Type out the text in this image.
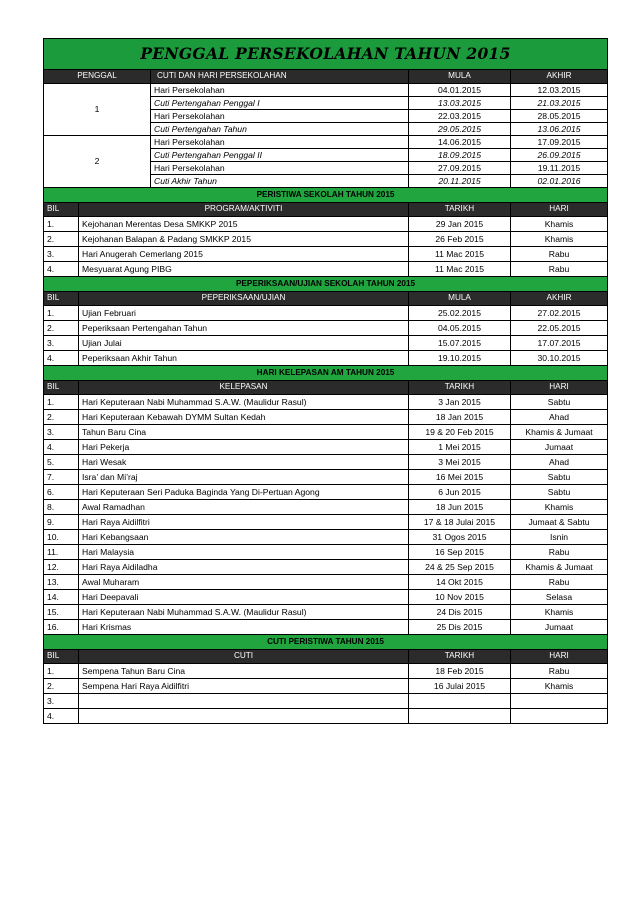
PENGGAL PERSEKOLAHAN TAHUN 2015				
PENGGAL		CUTI DAN HARI PERSEKOLAHAN	MULA	AKHIR
1		Hari Persekolahan	04.01.2015	12.03.2015
		Cuti Pertengahan Penggal I	13.03.2015	21.03.2015
		Hari Persekolahan	22.03.2015	28.05.2015
		Cuti Pertengahan Tahun	29.05.2015	13.06.2015
2		Hari Persekolahan	14.06.2015	17.09.2015
		Cuti Pertengahan Penggal II	18.09.2015	26.09.2015
		Hari Persekolahan	27.09.2015	19.11.2015
		Cuti Akhir Tahun	20.11.2015	02.01.2016
PERISTIWA SEKOLAH TAHUN 2015				
BIL	PROGRAM/AKTIVITI		TARIKH	HARI
1.	Kejohanan Merentas Desa SMKKP 2015		29 Jan 2015	Khamis
2.	Kejohanan Balapan & Padang SMKKP 2015		26 Feb 2015	Khamis
3.	Hari Anugerah Cemerlang 2015		11 Mac 2015	Rabu
4.	Mesyuarat Agung PIBG		11 Mac 2015	Rabu
PEPERIKSAAN/UJIAN SEKOLAH TAHUN 2015				
BIL	PEPERIKSAAN/UJIAN		MULA	AKHIR
1.	Ujian Februari		25.02.2015	27.02.2015
2.	Peperiksaan Pertengahan Tahun		04.05.2015	22.05.2015
3.	Ujian Julai		15.07.2015	17.07.2015
4.	Peperiksaan Akhir Tahun		19.10.2015	30.10.2015
HARI KELEPASAN AM TAHUN 2015				
BIL	KELEPASAN		TARIKH	HARI
1.	Hari Keputeraan Nabi Muhammad S.A.W. (Maulidur Rasul)		3 Jan 2015	Sabtu
2.	Hari Keputeraan Kebawah DYMM Sultan Kedah		18 Jan 2015	Ahad
3.	Tahun Baru Cina		19 & 20 Feb 2015	Khamis & Jumaat
4.	Hari Pekerja		1 Mei 2015	Jumaat
5.	Hari Wesak		3 Mei 2015	Ahad
7.	Isra’ dan Mi’raj		16 Mei 2015	Sabtu
6.	Hari Keputeraan Seri Paduka Baginda Yang Di-Pertuan Agong		6 Jun 2015	Sabtu
8.	Awal Ramadhan		18 Jun 2015	Khamis
9.	Hari Raya Aidilfitri		17 & 18 Julai 2015	Jumaat & Sabtu
10.	Hari Kebangsaan		31 Ogos 2015	Isnin
11.	Hari Malaysia		16 Sep 2015	Rabu
12.	Hari Raya Aidiladha		24 & 25 Sep 2015	Khamis & Jumaat
13.	Awal Muharam		14 Okt 2015	Rabu
14.	Hari Deepavali		10 Nov 2015	Selasa
15.	Hari Keputeraan Nabi Muhammad S.A.W. (Maulidur Rasul)		24 Dis 2015	Khamis
16.	Hari Krismas		25 Dis 2015	Jumaat
CUTI PERISTIWA TAHUN 2015				
BIL	CUTI		TARIKH	HARI
1.	Sempena Tahun Baru Cina		18 Feb 2015	Rabu
2.	Sempena Hari Raya Aidilfitri		16 Julai 2015	Khamis
3.				
4.				
